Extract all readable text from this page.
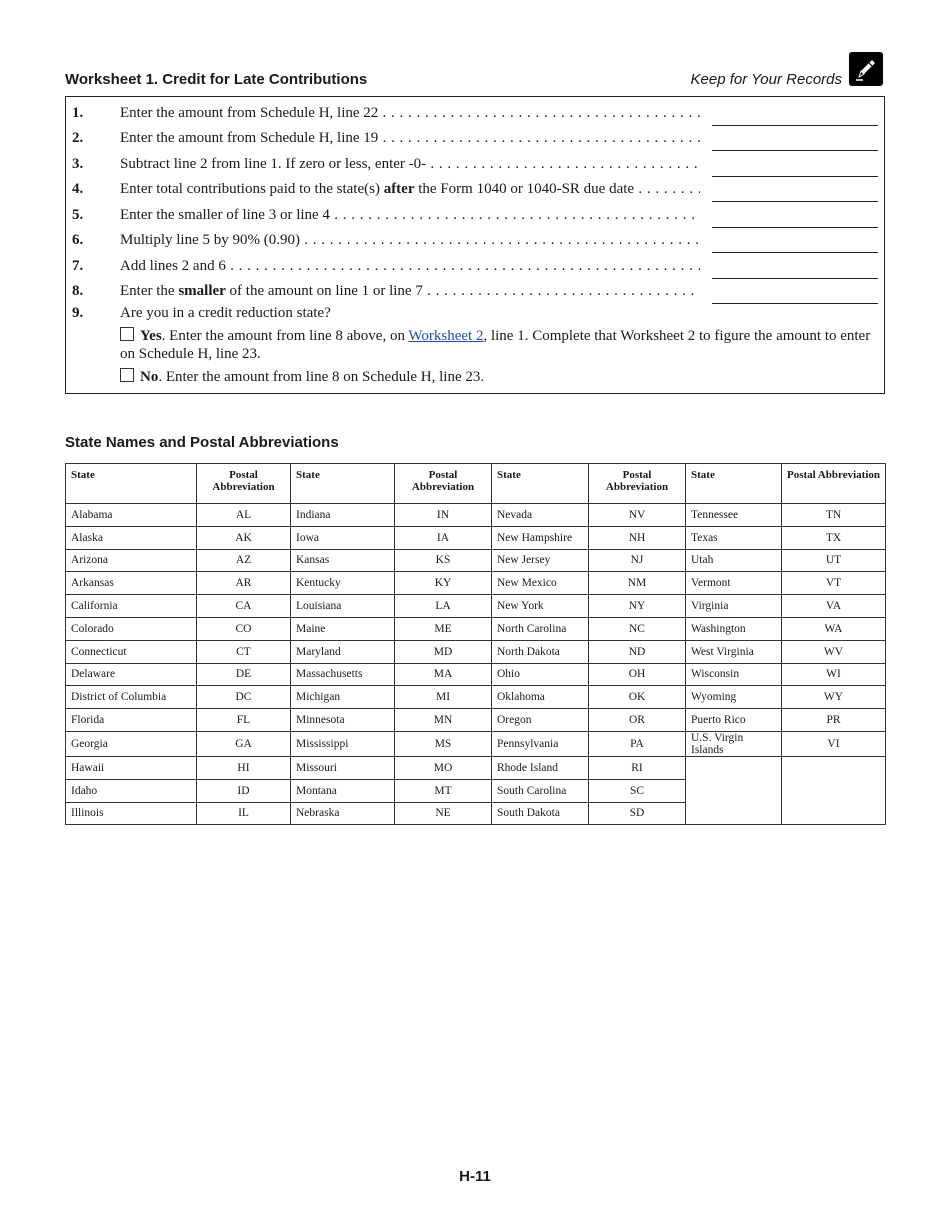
Worksheet 1. Credit for Late Contributions	Keep for Your Records
1. Enter the amount from Schedule H, line 22 . . .
2. Enter the amount from Schedule H, line 19 . . .
3. Subtract line 2 from line 1. If zero or less, enter -0- . . .
4. Enter total contributions paid to the state(s) after the Form 1040 or 1040-SR due date . . .
5. Enter the smaller of line 3 or line 4 . . .
6. Multiply line 5 by 90% (0.90) . . .
7. Add lines 2 and 6 . . .
8. Enter the smaller of the amount on line 1 or line 7 . . .
9. Are you in a credit reduction state?
Yes. Enter the amount from line 8 above, on Worksheet 2, line 1. Complete that Worksheet 2 to figure the amount to enter on Schedule H, line 23.
No. Enter the amount from line 8 on Schedule H, line 23.
State Names and Postal Abbreviations
State	Postal Abbreviation	State	Postal Abbreviation	State	Postal Abbreviation	State	Postal Abbreviation
Alabama	AL	Indiana	IN	Nevada	NV	Tennessee	TN
Alaska	AK	Iowa	IA	New Hampshire	NH	Texas	TX
Arizona	AZ	Kansas	KS	New Jersey	NJ	Utah	UT
Arkansas	AR	Kentucky	KY	New Mexico	NM	Vermont	VT
California	CA	Louisiana	LA	New York	NY	Virginia	VA
Colorado	CO	Maine	ME	North Carolina	NC	Washington	WA
Connecticut	CT	Maryland	MD	North Dakota	ND	West Virginia	WV
Delaware	DE	Massachusetts	MA	Ohio	OH	Wisconsin	WI
District of Columbia	DC	Michigan	MI	Oklahoma	OK	Wyoming	WY
Florida	FL	Minnesota	MN	Oregon	OR	Puerto Rico	PR
Georgia	GA	Mississippi	MS	Pennsylvania	PA	U.S. Virgin Islands	VI
Hawaii	HI	Missouri	MO	Rhode Island	RI		
Idaho	ID	Montana	MT	South Carolina	SC		
Illinois	IL	Nebraska	NE	South Dakota	SD		
H-11
